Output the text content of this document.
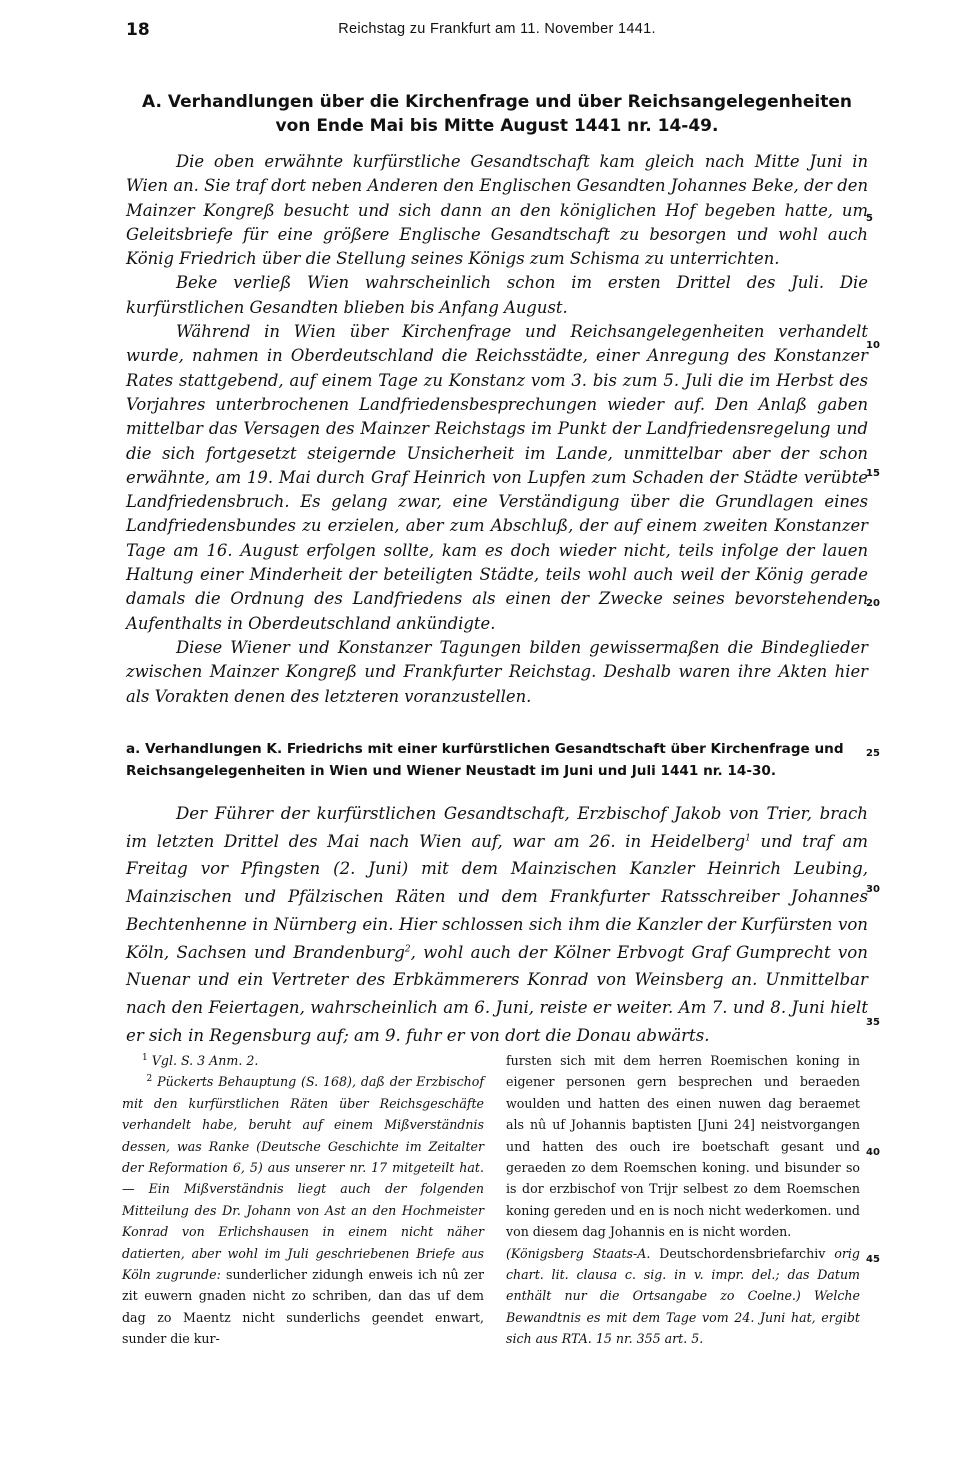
18	Reichstag zu Frankfurt am 11. November 1441.
A. Verhandlungen über die Kirchenfrage und über Reichsangelegenheiten
von Ende Mai bis Mitte August 1441 nr. 14-49.

Die oben erwähnte kurfürstliche Gesandtschaft kam gleich nach Mitte Juni in Wien an. Sie traf dort neben Anderen den Englischen Gesandten Johannes Beke, der den Mainzer Kongreß besucht und sich dann an den königlichen Hof begeben hatte, um Geleitsbriefe für eine größere Englische Gesandtschaft zu besorgen und wohl auch König Friedrich über die Stellung seines Königs zum Schisma zu unterrichten.

Beke verließ Wien wahrscheinlich schon im ersten Drittel des Juli. Die kurfürstlichen Gesandten blieben bis Anfang August.

Während in Wien über Kirchenfrage und Reichsangelegenheiten verhandelt wurde, nahmen in Oberdeutschland die Reichsstädte, einer Anregung des Konstanzer Rates stattgebend, auf einem Tage zu Konstanz vom 3. bis zum 5. Juli die im Herbst des Vorjahres unterbrochenen Landfriedensbesprechungen wieder auf. Den Anlaß gaben mittelbar das Versagen des Mainzer Reichstags im Punkt der Landfriedensregelung und die sich fortgesetzt steigernde Unsicherheit im Lande, unmittelbar aber der schon erwähnte, am 19. Mai durch Graf Heinrich von Lupfen zum Schaden der Städte verübte Landfriedensbruch. Es gelang zwar, eine Verständigung über die Grundlagen eines Landfriedensbundes zu erzielen, aber zum Abschluß, der auf einem zweiten Konstanzer Tage am 16. August erfolgen sollte, kam es doch wieder nicht, teils infolge der lauen Haltung einer Minderheit der beteiligten Städte, teils wohl auch weil der König gerade damals die Ordnung des Landfriedens als einen der Zwecke seines bevorstehenden Aufenthalts in Oberdeutschland ankündigte.

Diese Wiener und Konstanzer Tagungen bilden gewissermaßen die Bindeglieder zwischen Mainzer Kongreß und Frankfurter Reichstag. Deshalb waren ihre Akten hier als Vorakten denen des letzteren voranzustellen.

a. Verhandlungen K. Friedrichs mit einer kurfürstlichen Gesandtschaft über Kirchenfrage und
Reichsangelegenheiten in Wien und Wiener Neustadt im Juni und Juli 1441 nr. 14-30.

Der Führer der kurfürstlichen Gesandtschaft, Erzbischof Jakob von Trier, brach im letzten Drittel des Mai nach Wien auf, war am 26. in Heidelberg$^1$ und traf am Freitag vor Pfingsten (2. Juni) mit dem Mainzischen Kanzler Heinrich Leubing, Mainzischen und Pfälzischen Räten und dem Frankfurter Ratsschreiber Johannes Bechtenhenne in Nürnberg ein. Hier schlossen sich ihm die Kanzler der Kurfürsten von Köln, Sachsen und Brandenburg$^2$, wohl auch der Kölner Erbvogt Graf Gumprecht von Nuenar und ein Vertreter des Erbkämmerers Konrad von Weinsberg an. Unmittelbar nach den Feiertagen, wahrscheinlich am 6. Juni, reiste er weiter. Am 7. und 8. Juni hielt er sich in Regensburg auf; am 9. fuhr er von dort die Donau abwärts.

5
10
15
20
25
30
35
40
45

$^1$ Vgl. S. 3 Anm. 2.

$^2$ Pückerts Behauptung (S. 168), daß der Erzbischof mit den kurfürstlichen Räten über Reichsgeschäfte verhandelt habe, beruht auf einem Mißverständnis dessen, was Ranke (Deutsche Geschichte im Zeitalter der Reformation 6, 5) aus unserer nr. 17 mitgeteilt hat. — Ein Mißverständnis liegt auch der folgenden Mitteilung des Dr. Johann von Ast an den Hochmeister Konrad von Erlichshausen in einem nicht näher datierten, aber wohl im Juli geschriebenen Briefe aus Köln zugrunde: sunderlicher zidungh enweis ich nû zer zit euwern gnaden nicht zo schriben, dan das uf dem dag zo Maentz nicht sunderlichs geendet enwart, sunder die kur-

fursten sich mit dem herren Roemischen koning in eigener personen gern besprechen und beraeden woulden und hatten des einen nuwen dag beraemet als nû uf Johannis baptisten [Juni 24] neistvorgangen und hatten des ouch ire boetschaft gesant und geraeden zo dem Roemschen koning. und bisunder so is dor erzbischof von Trijr selbest zo dem Roemschen koning gereden und en is noch nicht wederkomen. und von diesem dag Johannis en is nicht worden.
(Königsberg Staats-A. Deutschordensbriefarchiv orig chart. lit. clausa c. sig. in v. impr. del.; das Datum enthält nur die Ortsangabe zo Coelne.) Welche Bewandtnis es mit dem Tage vom 24. Juni hat, ergibt sich aus RTA. 15 nr. 355 art. 5.
